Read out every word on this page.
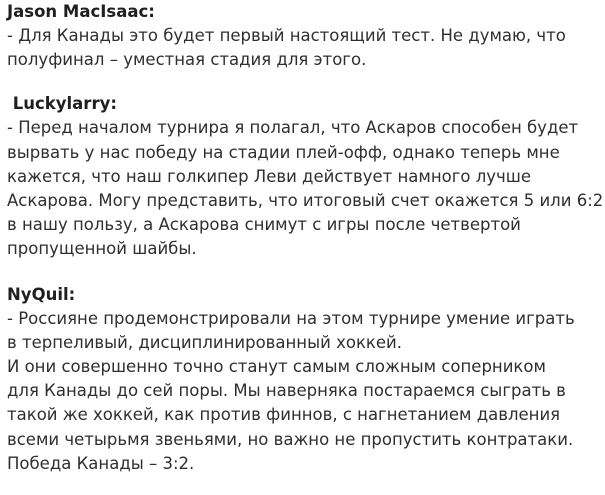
Jason MacIsaac:
- Для Канады это будет первый настоящий тест. Не думаю, что
полуфинал – уместная стадия для этого.
Luckylarry:
- Перед началом турнира я полагал, что Аскаров способен будет
вырвать у нас победу на стадии плей-офф, однако теперь мне
кажется, что наш голкипер Леви действует намного лучше
Аскарова. Могу представить, что итоговый счет окажется 5 или 6:2
в нашу пользу, а Аскарова снимут с игры после четвертой
пропущенной шайбы.
NyQuil:
- Россияне продемонстрировали на этом турнире умение играть
в терпеливый, дисциплинированный хоккей.
И они совершенно точно станут самым сложным соперником
для Канады до сей поры. Мы наверняка постараемся сыграть в
такой же хоккей, как против финнов, с нагнетанием давления
всеми четырьмя звеньями, но важно не пропустить контратаки.
Победа Канады – 3:2.
